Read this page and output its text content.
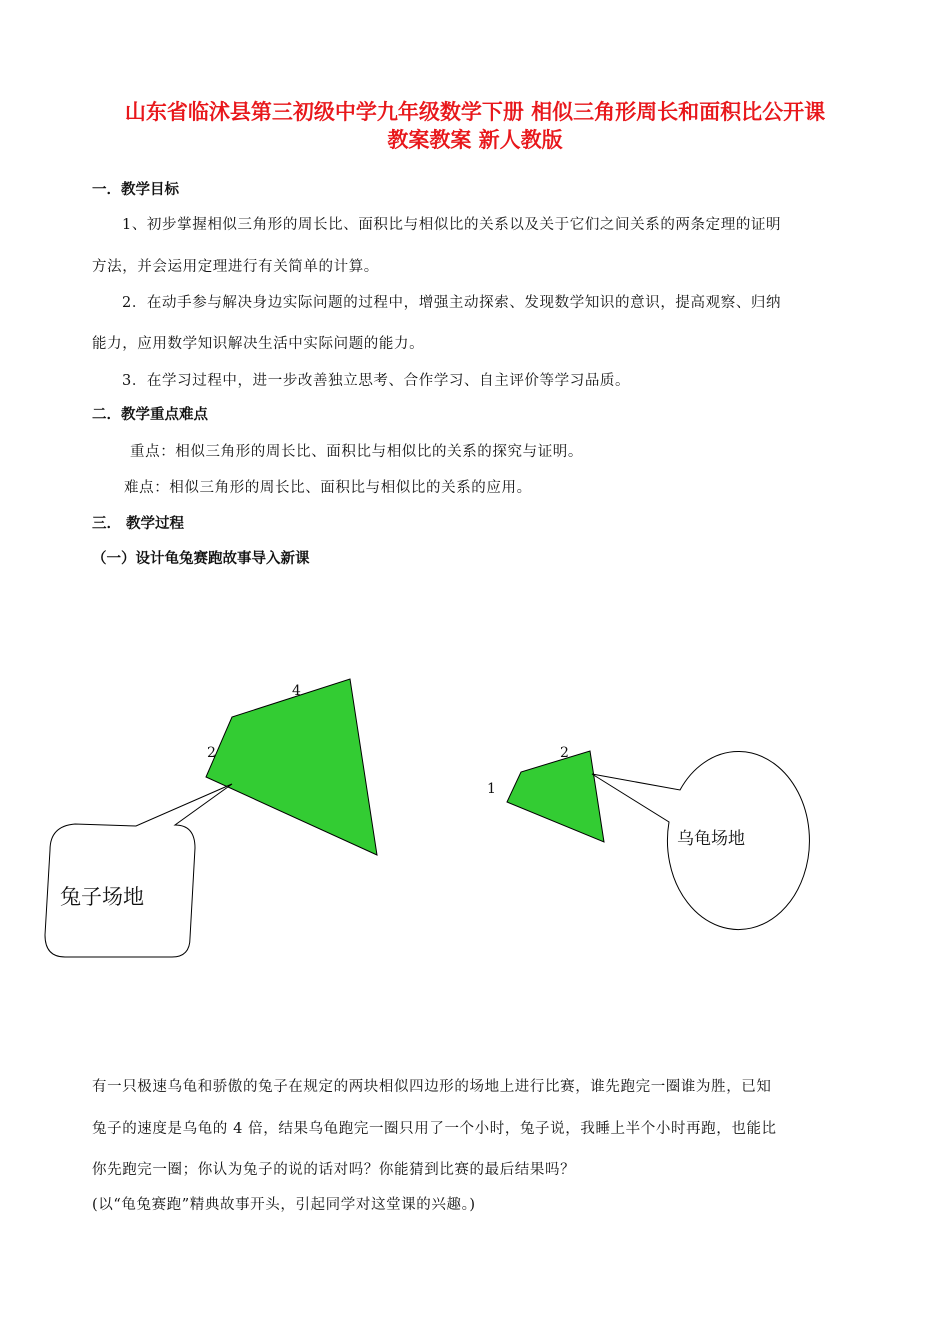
山东省临沭县第三初级中学九年级数学下册 相似三角形周长和面积比公开课
教案教案 新人教版
一．教学目标
1、初步掌握相似三角形的周长比、面积比与相似比的关系以及关于它们之间关系的两条定理的证明
方法，并会运用定理进行有关简单的计算。
2．在动手参与解决身边实际问题的过程中，增强主动探索、发现数学知识的意识，提高观察、归纳
能力，应用数学知识解决生活中实际问题的能力。
3．在学习过程中，进一步改善独立思考、合作学习、自主评价等学习品质。
二．教学重点难点
重点：相似三角形的周长比、面积比与相似比的关系的探究与证明。
难点：相似三角形的周长比、面积比与相似比的关系的应用。
三． 教学过程
（一）设计龟兔赛跑故事导入新课
4
2	2
1
兔子场地
乌龟场地
有一只极速乌龟和骄傲的兔子在规定的两块相似四边形的场地上进行比赛，谁先跑完一圈谁为胜，已知
兔子的速度是乌龟的 4 倍，结果乌龟跑完一圈只用了一个小时，兔子说，我睡上半个小时再跑，也能比
你先跑完一圈；你认为兔子的说的话对吗？你能猜到比赛的最后结果吗？
(以“龟兔赛跑”精典故事开头，引起同学对这堂课的兴趣。)
